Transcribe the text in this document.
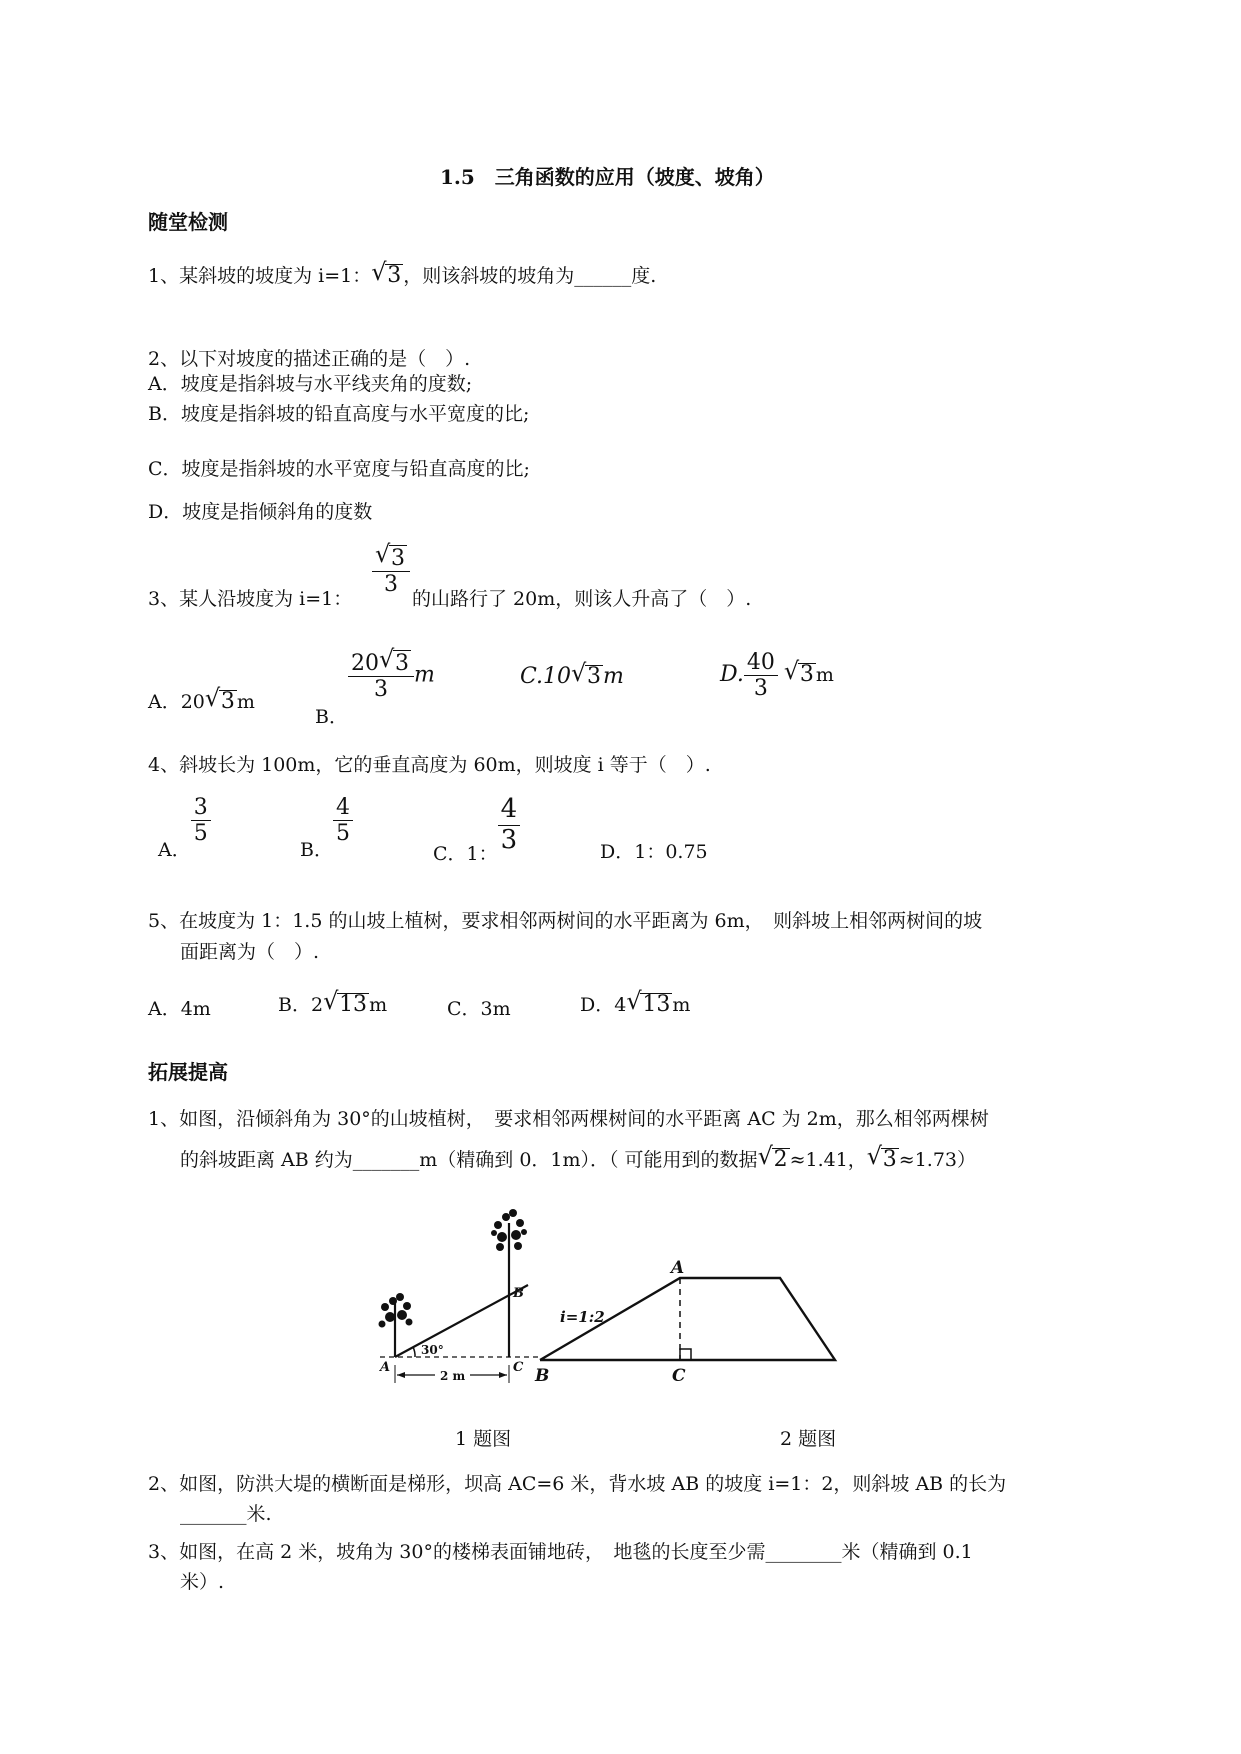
1.5　三角函数的应用（坡度、坡角）
随堂检测
1、某斜坡的坡度为 i=1： √ 3 ，则该斜坡的坡角为______度.
2、以下对坡度的描述正确的是（　）.
A．坡度是指斜坡与水平线夹角的度数;
B．坡度是指斜坡的铅直高度与水平宽度的比;
C．坡度是指斜坡的水平宽度与铅直高度的比;
D．坡度是指倾斜角的度数
3、某人沿坡度为 i=1：
√ $\frac{3}{3}$
的山路行了 20m，则该人升高了（　）.
A．20 √ 3 m
B．
$\frac{20 √ 3}{3}$ m	C.10 √ 3m	D. $\frac{40}{3}$ √ 3 m
4、斜坡长为 100m，它的垂直高度为 60m，则坡度 i 等于（　）.
A．
$\frac{3}{5}$
B．
$\frac{4}{5}$
C．1： $\frac{4}{3}$	D．1：0.75
5、在坡度为 1：1.5 的山坡上植树，要求相邻两树间的水平距离为 6m，　则斜坡上相邻两树间的坡
面距离为（　）.
A．4m	B．2 √ 13 m	C．3m	D．4 √ 13 m
拓展提高
1、如图，沿倾斜角为 30°的山坡植树，　要求相邻两棵树间的水平距离 AC 为 2m，那么相邻两棵树
的斜坡距离 AB 约为_______m（精确到 0．1m）．（ 可能用到的数据 √ 2 ≈1.41， √ 3 ≈1.73）
A
B
C
30°
2 m
A
B	C
i=1:2
1 题图	2 题图
2、如图，防洪大堤的横断面是梯形，坝高 AC=6 米，背水坡 AB 的坡度 i=1：2，则斜坡 AB 的长为
_______米.
3、如图，在高 2 米，坡角为 30°的楼梯表面铺地砖，　地毯的长度至少需________米（精确到 0.1
米）.
